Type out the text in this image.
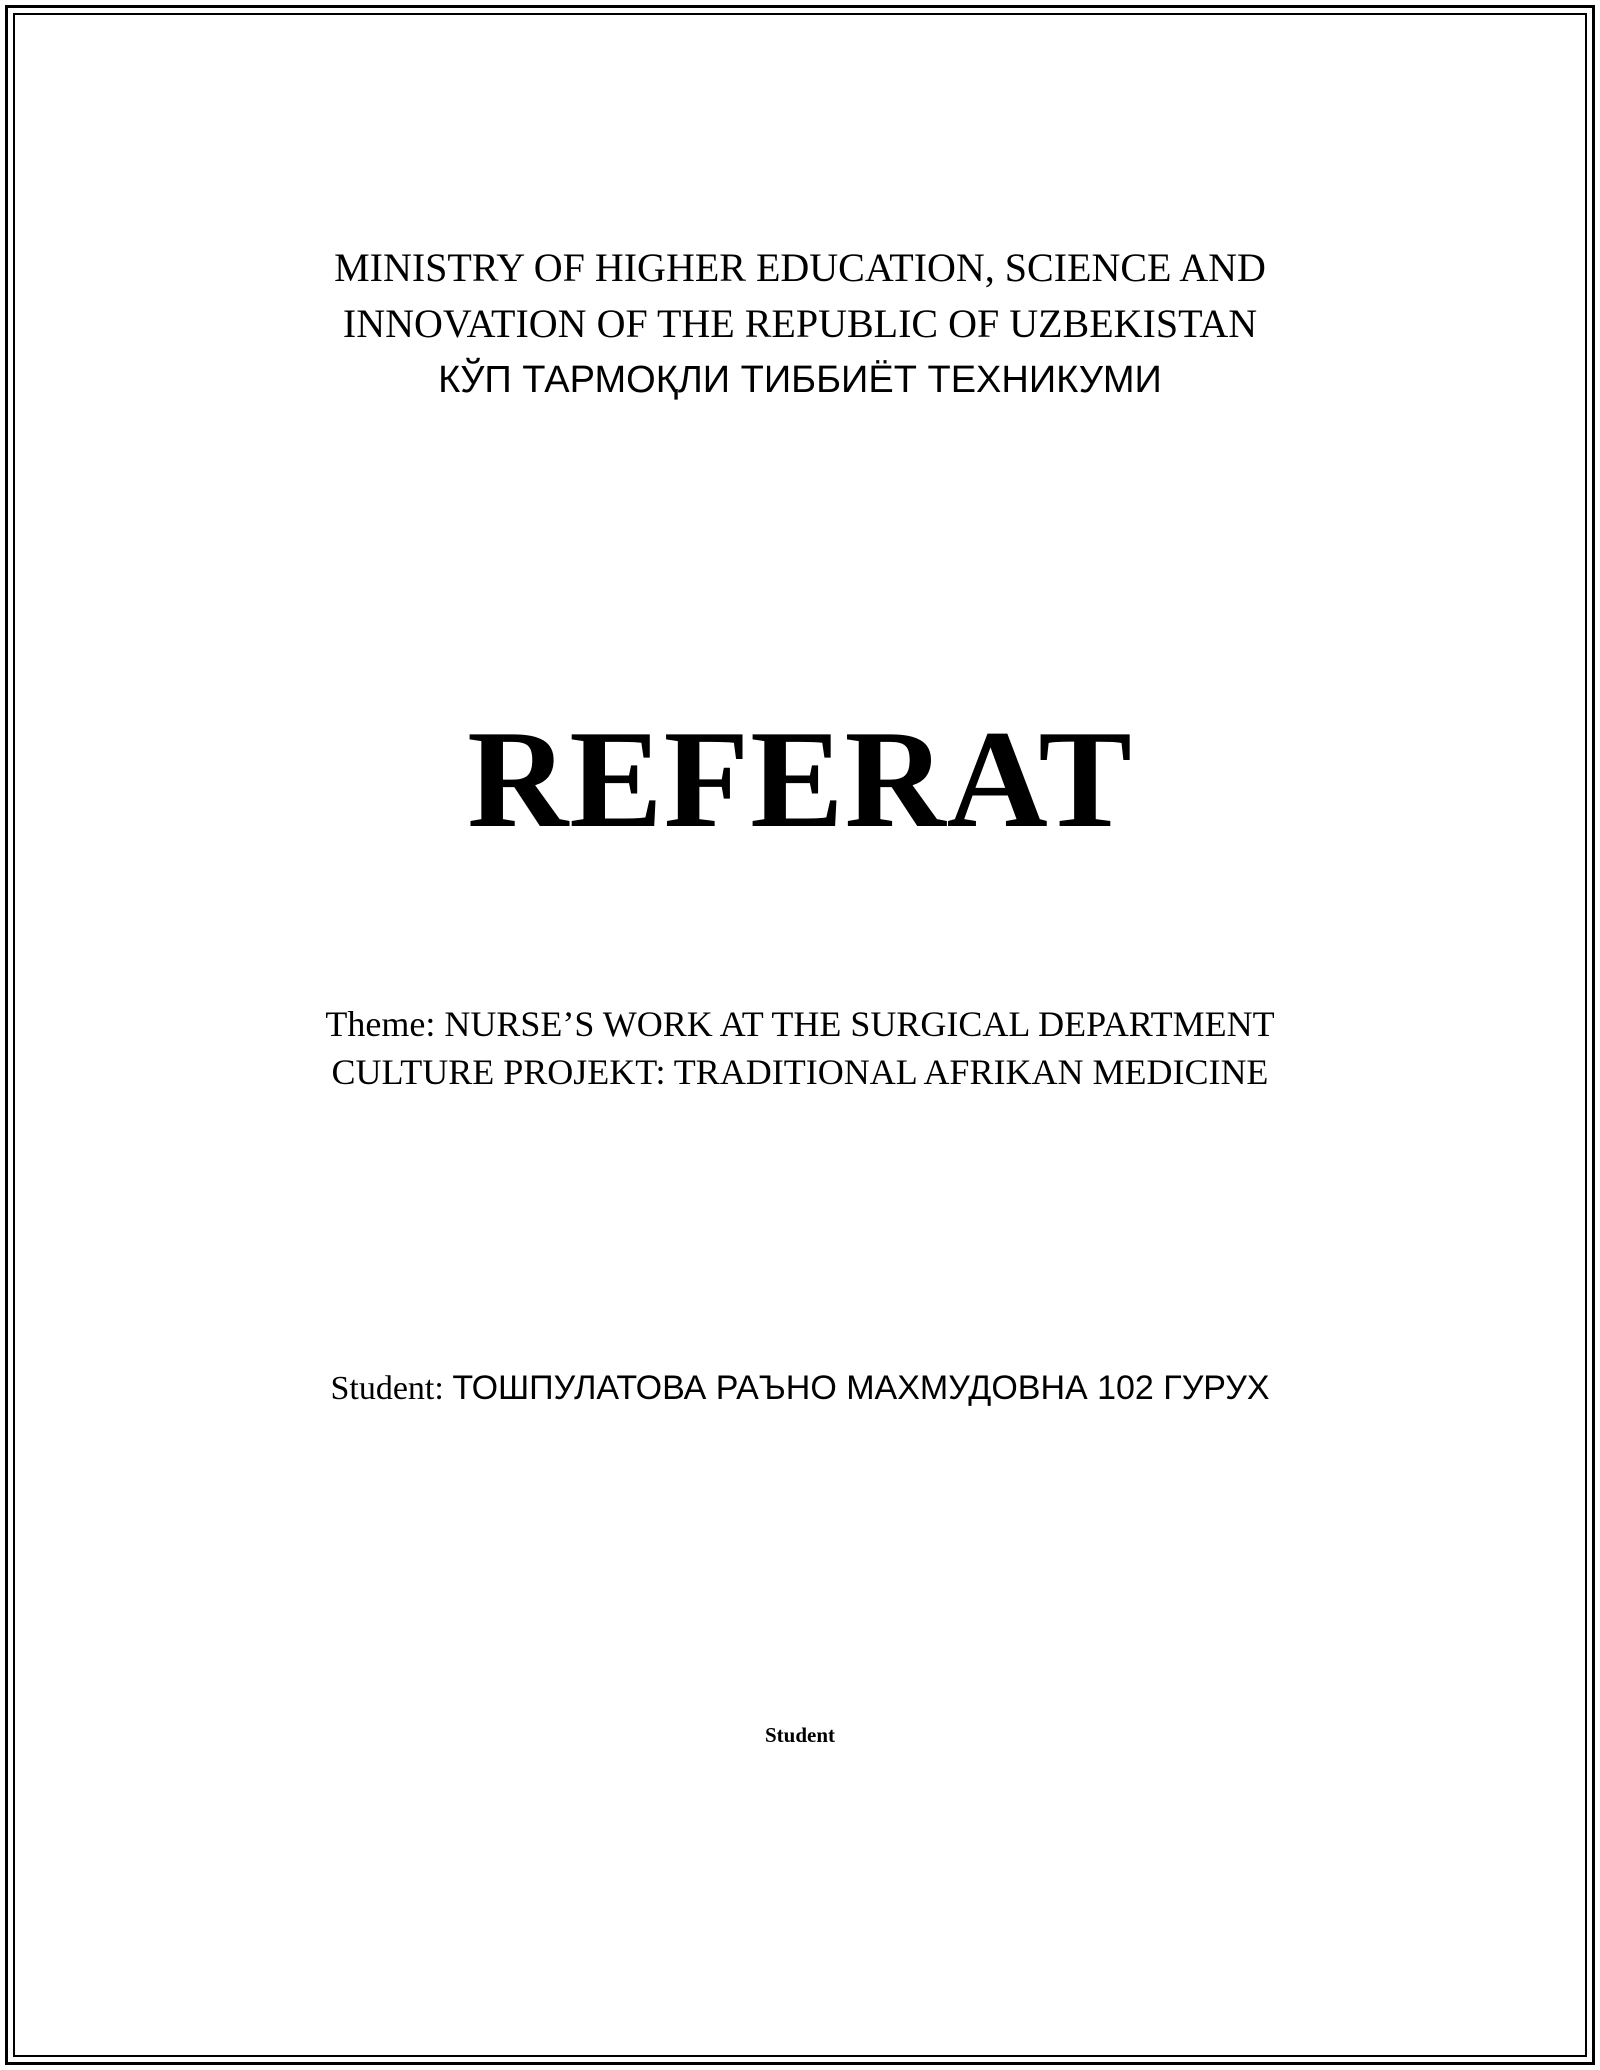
MINISTRY OF HIGHER EDUCATION, SCIENCE AND
INNOVATION OF THE REPUBLIC OF UZBEKISTAN
КЎП ТАРМОҚЛИ ТИББИЁТ ТЕХНИКУМИ
REFERAT
Theme: NURSE’S WORK AT THE SURGICAL DEPARTMENT
CULTURE PROJEKT: TRADITIONAL AFRIKAN MEDICINE
Student: ТОШПУЛАТОВА РАЪНО МАХМУДОВНА 102 ГУРУХ
Student
